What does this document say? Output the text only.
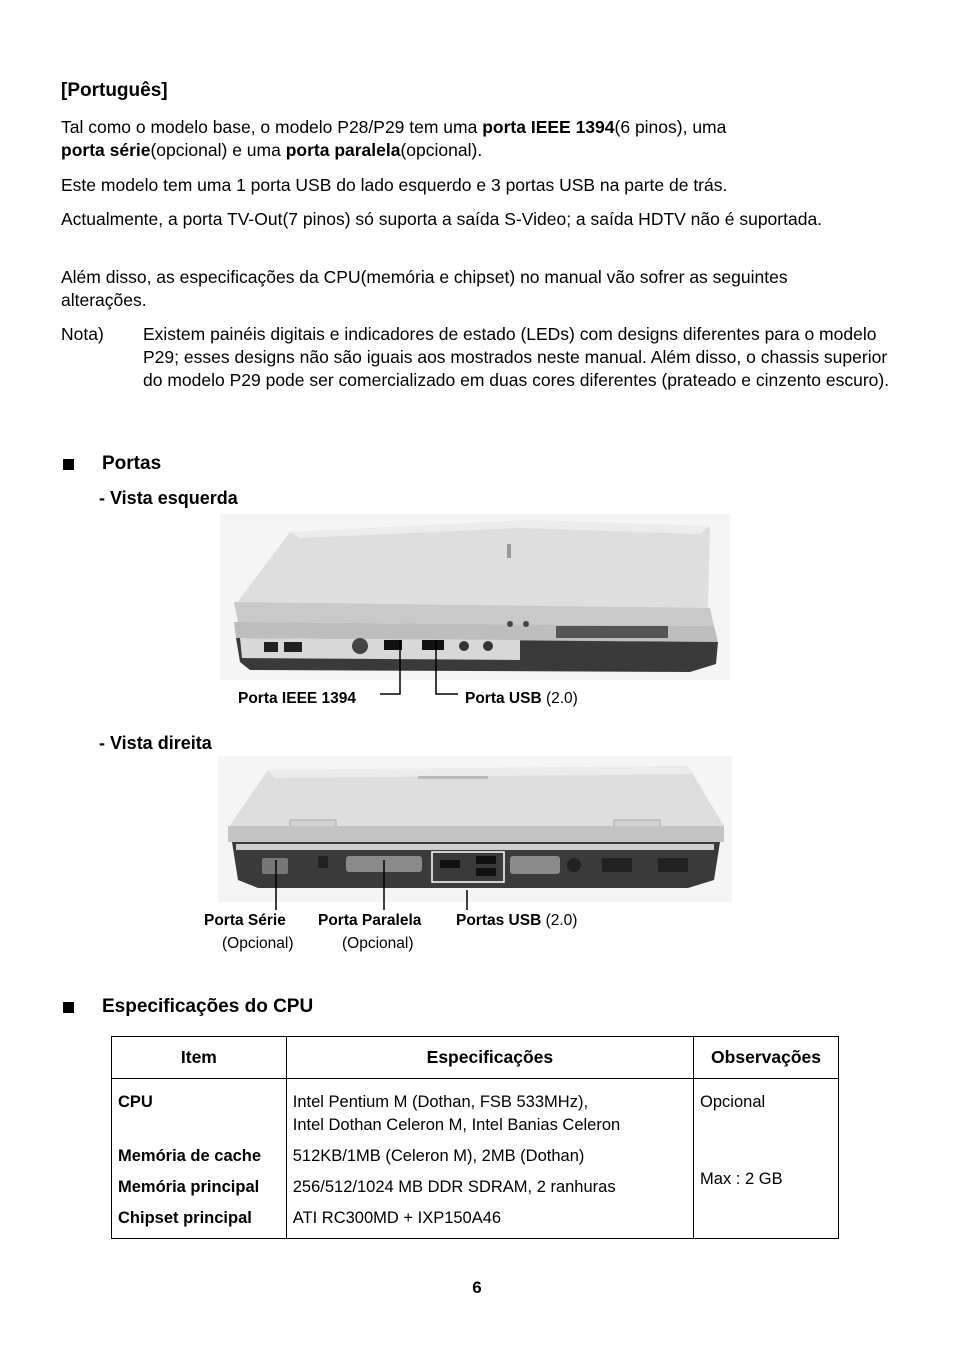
[Português]
Tal como o modelo base, o modelo P28/P29 tem uma porta IEEE 1394(6 pinos), uma
porta série(opcional) e uma porta paralela(opcional).
Este modelo tem uma 1 porta USB do lado esquerdo e 3 portas USB na parte de trás.
Actualmente, a porta TV-Out(7 pinos) só suporta a saída S-Video; a saída HDTV não é suportada.
Além disso, as especificações da CPU(memória e chipset) no manual vão sofrer as seguintes alterações.
Nota) Existem painéis digitais e indicadores de estado (LEDs) com designs diferentes para o modelo P29; esses designs não são iguais aos mostrados neste manual. Além disso, o chassis superior do modelo P29 pode ser comercializado em duas cores diferentes (prateado e cinzento escuro).
Portas
- Vista esquerda
Porta IEEE 1394	Porta USB (2.0)
- Vista direita
Porta Série
(Opcional)
Porta Paralela
(Opcional)
Portas USB (2.0)
Especificações do CPU
Item	Especificações	Observações
CPU	Intel Pentium M (Dothan, FSB 533MHz),
Intel Dothan Celeron M, Intel Banias Celeron	Opcional
Memória de cache	512KB/1MB (Celeron M), 2MB (Dothan)	
Memória principal	256/512/1024 MB DDR SDRAM, 2 ranhuras	Max : 2 GB
Chipset principal	ATI RC300MD + IXP150A46	
6
